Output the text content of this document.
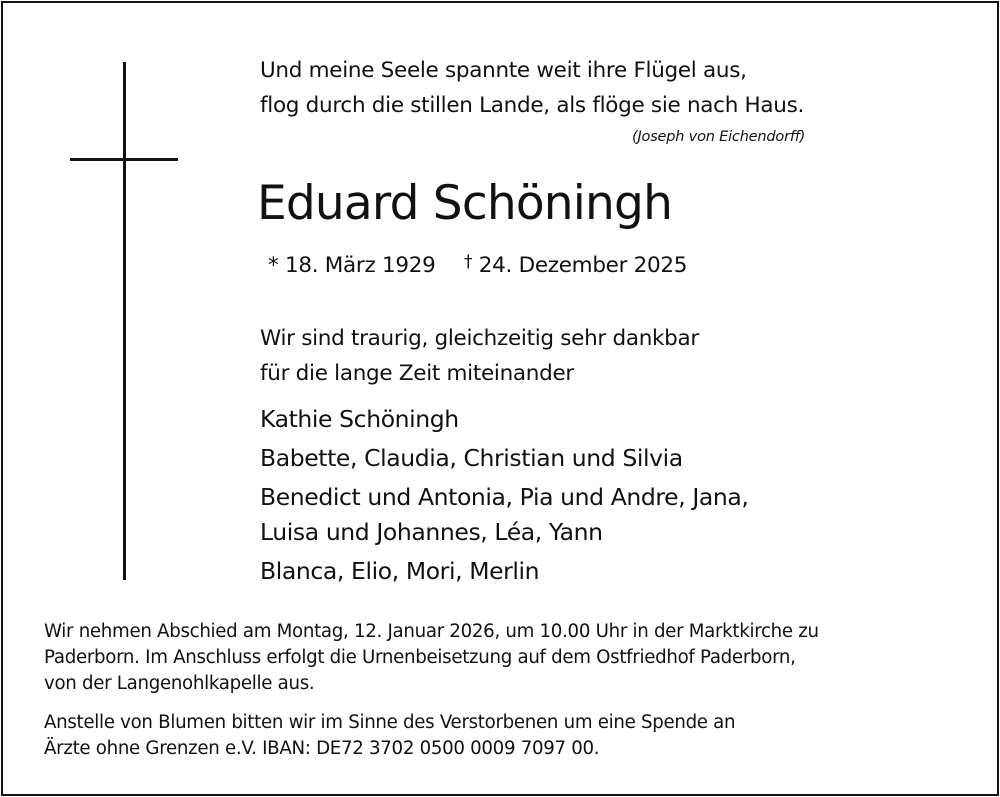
Und meine Seele spannte weit ihre Flügel aus,
flog durch die stillen Lande, als flöge sie nach Haus.
(Joseph von Eichendorff)
Eduard Schöningh
* 18. März 1929 † 24. Dezember 2025
Wir sind traurig, gleichzeitig sehr dankbar
für die lange Zeit miteinander
Kathie Schöningh
Babette, Claudia, Christian und Silvia
Benedict und Antonia, Pia und Andre, Jana,
Luisa und Johannes, Léa, Yann
Blanca, Elio, Mori, Merlin
Wir nehmen Abschied am Montag, 12. Januar 2026, um 10.00 Uhr in der Marktkirche zu
Paderborn. Im Anschluss erfolgt die Urnenbeisetzung auf dem Ostfriedhof Paderborn,
von der Langenohlkapelle aus.
Anstelle von Blumen bitten wir im Sinne des Verstorbenen um eine Spende an
Ärzte ohne Grenzen e.V. IBAN: DE72 3702 0500 0009 7097 00.
